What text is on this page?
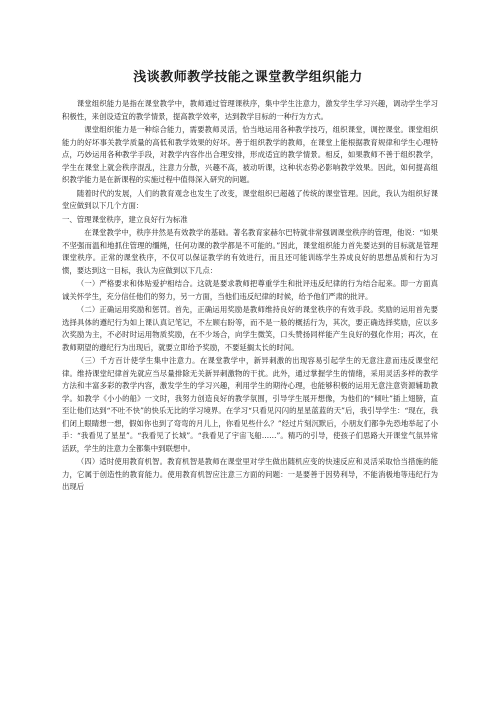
浅谈教师教学技能之课堂教学组织能力

课堂组织能力是指在课堂教学中，教师通过管理课秩序，集中学生注意力，激发学生学习兴趣，调动学生学习积极性，来创设适宜的教学情景，提高教学效率，达到教学目标的一种行为方式。

课堂组织能力是一种综合能力，需要教师灵活，恰当地运用各种教学技巧，组织课堂，调控课堂。课堂组织能力的好坏事关教学质量的高低和教学效果的好坏。善于组织教学的教师，在课堂上能根据教育规律和学生心理特点，巧妙运用各种教学手段，对教学内容作出合理安排，形成适宜的教学情景。相反，如果教师不善于组织教学，学生在课堂上就会秩序混乱，注意力分散，兴趣不高，被动听课，这种状态势必影响教学效果。因此，如何提高组织教学能力是在新课程的实施过程中值得深入研究的问题。

随着时代的发展，人们的教育观念也发生了改变，课堂组织已超越了传统的课堂管理。因此，我认为组织好课堂应做到以下几个方面：

一、管理课堂秩序，建立良好行为标准

在课堂教学中，秩序井然是有效教学的基础。著名教育家赫尔巴特就非常强调课堂秩序的管理，他说：“如果不坚强而温和地抓住管理的缰绳，任何功课的教学都是不可能的。”因此，课堂组织能力首先要达到的目标就是管理课堂秩序。正常的课堂秩序，不仅可以保证教学的有效进行，而且还可能训练学生养成良好的思想品质和行为习惯，要达到这一目标，我认为应做到以下几点：

（一）严格要求和体贴爱护相结合。这就是要求教师把尊重学生和批评违反纪律的行为结合起来。即一方面真诚关怀学生，充分信任他们的努力，另一方面，当他们违反纪律的时候，给予他们严肃的批评。

（二）正确运用奖励和惩罚。首先，正确运用奖励是教师维持良好的课堂秩序的有效手段。奖励的运用首先要选择具体的遵纪行为如上课认真记笔记，不左顾右盼等，而不是一般的概括行为，其次，要正确选择奖励，应以多次奖励为主，不必时时运用物质奖励，在不少场合，向学生微笑，口头赞扬同样能产生良好的强化作用；再次，在教师期望的遵纪行为出现后，就要立即给予奖励，不要延搁太长的时间。

（三）千方百计使学生集中注意力。在课堂教学中，新异刺激的出现容易引起学生的无意注意而违反课堂纪律。维持课堂纪律首先就应当尽量排除无关新异刺激物的干扰。此外，通过掌握学生的情绪，采用灵活多样的教学方法和丰富多彩的教学内容，激发学生的学习兴趣，利用学生的期待心理，也能够积极的运用无意注意资源辅助教学。如教学《小小的船》一文时，我努力创造良好的教学氛围，引导学生展开想像，为他们的“倾吐”插上翅膀，直至让他们达到“不吐不快”的快乐无比的学习境界。在学习“只看见闪闪的星星蓝蓝的天”后，我引导学生：“现在，我们闭上眼睛想一想，假如你也到了弯弯的月儿上，你看见些什么？”经过片刻沉默后，小朋友们都争先恐地举起了小手：“我看见了星星”。“我看见了长城”。“我看见了宇宙飞船……”。精巧的引导，使孩子们思路大开课堂气氛异常活跃，学生的注意力全都集中到联想中。

（四）适时使用教育机智。教育机智是教师在课堂里对学生做出随机应变的快速反应和灵活采取恰当措施的能力，它属于创造性的教育能力。使用教育机智应注意三方面的问题：一是要善于因势利导，不能消极地等违纪行为出现后
